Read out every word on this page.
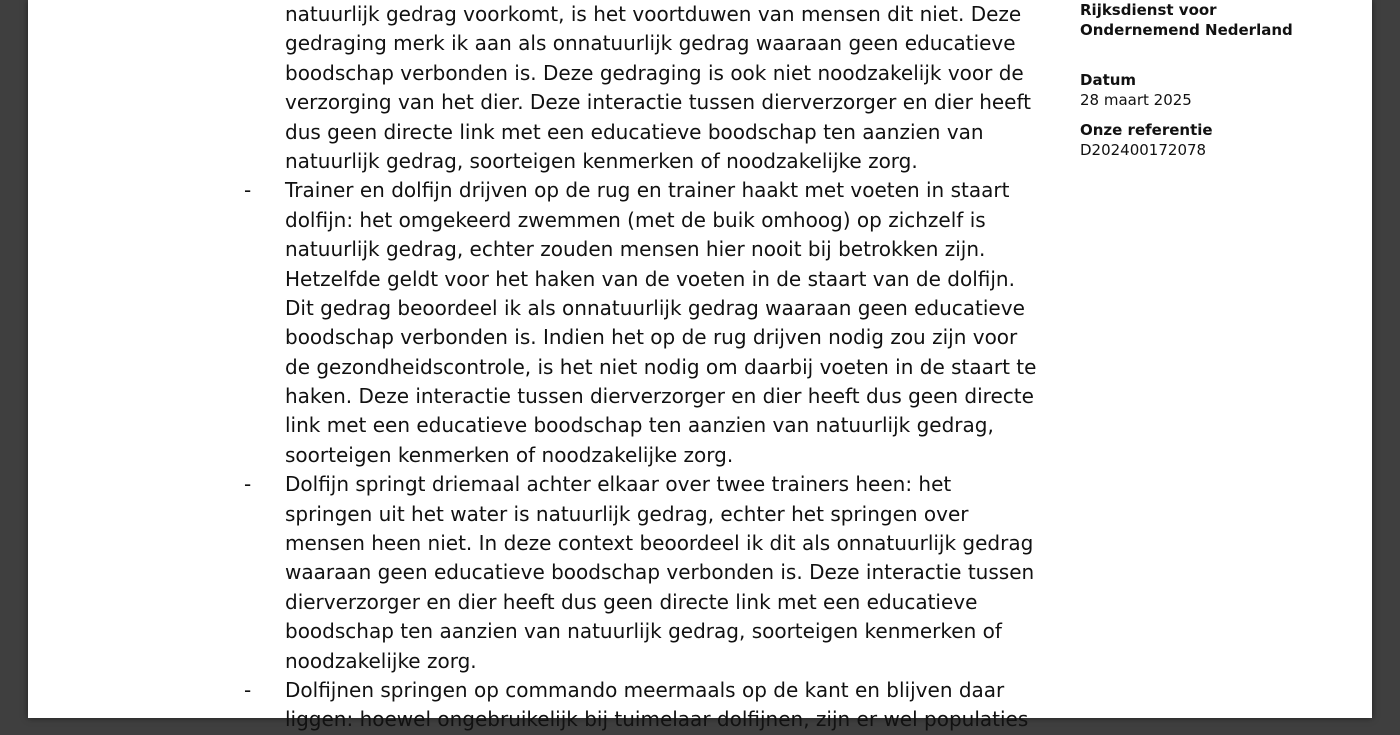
natuurlijk gedrag voorkomt, is het voortduwen van mensen dit niet. Deze
gedraging merk ik aan als onnatuurlijk gedrag waaraan geen educatieve
boodschap verbonden is. Deze gedraging is ook niet noodzakelijk voor de
verzorging van het dier. Deze interactie tussen dierverzorger en dier heeft
dus geen directe link met een educatieve boodschap ten aanzien van
natuurlijk gedrag, soorteigen kenmerken of noodzakelijke zorg.
-	Trainer en dolfijn drijven op de rug en trainer haakt met voeten in staart
dolfijn: het omgekeerd zwemmen (met de buik omhoog) op zichzelf is
natuurlijk gedrag, echter zouden mensen hier nooit bij betrokken zijn.
Hetzelfde geldt voor het haken van de voeten in de staart van de dolfijn.
Dit gedrag beoordeel ik als onnatuurlijk gedrag waaraan geen educatieve
boodschap verbonden is. Indien het op de rug drijven nodig zou zijn voor
de gezondheidscontrole, is het niet nodig om daarbij voeten in de staart te
haken. Deze interactie tussen dierverzorger en dier heeft dus geen directe
link met een educatieve boodschap ten aanzien van natuurlijk gedrag,
soorteigen kenmerken of noodzakelijke zorg.
-	Dolfijn springt driemaal achter elkaar over twee trainers heen: het
springen uit het water is natuurlijk gedrag, echter het springen over
mensen heen niet. In deze context beoordeel ik dit als onnatuurlijk gedrag
waaraan geen educatieve boodschap verbonden is. Deze interactie tussen
dierverzorger en dier heeft dus geen directe link met een educatieve
boodschap ten aanzien van natuurlijk gedrag, soorteigen kenmerken of
noodzakelijke zorg.
-	Dolfijnen springen op commando meermaals op de kant en blijven daar
liggen: hoewel ongebruikelijk bij tuimelaar dolfijnen, zijn er wel populaties
Rijksdienst voor
Ondernemend Nederland
Datum
28 maart 2025
Onze referentie
D202400172078
